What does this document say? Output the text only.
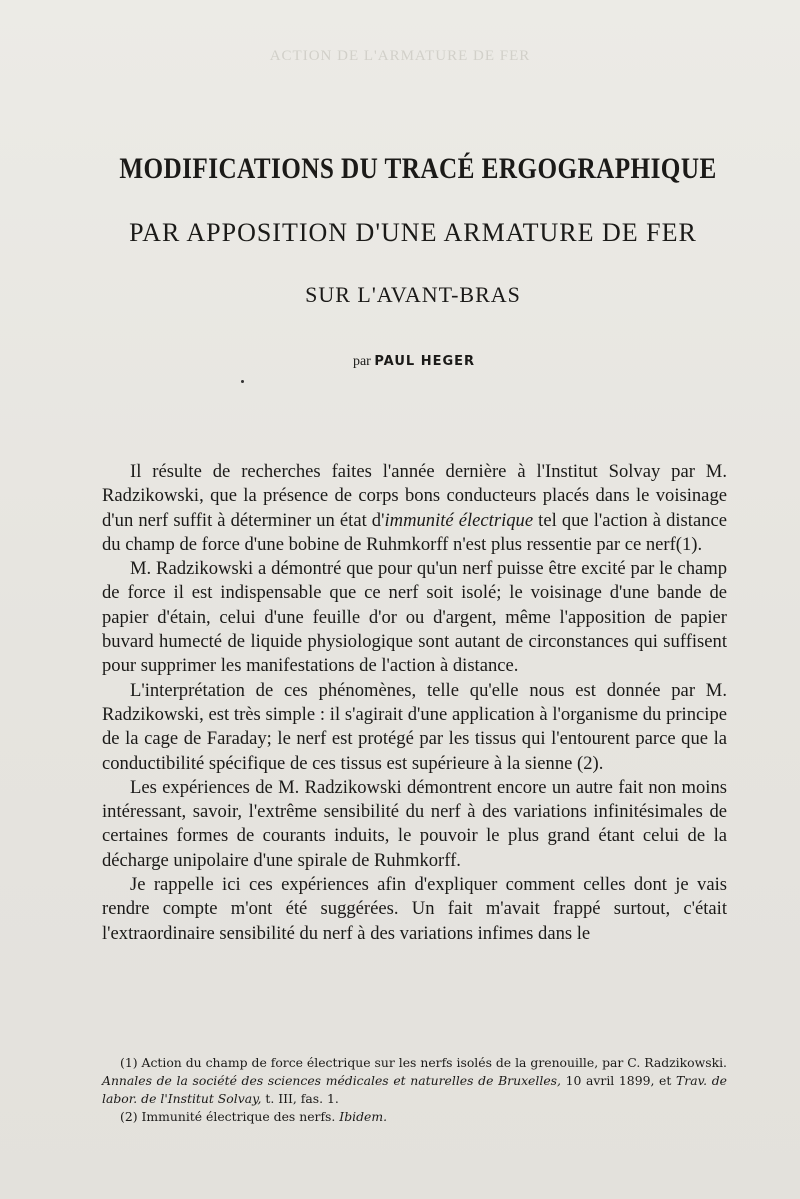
ACTION DE L'ARMATURE DE FER
MODIFICATIONS DU TRACÉ ERGOGRAPHIQUE
PAR APPOSITION D'UNE ARMATURE DE FER
SUR L'AVANT-BRAS
par PAUL HEGER

Il résulte de recherches faites l'année dernière à l'Institut Solvay par M. Radzikowski, que la présence de corps bons conducteurs placés dans le voisinage d'un nerf suffit à déterminer un état d'immunité électrique tel que l'action à distance du champ de force d'une bobine de Ruhmkorff n'est plus ressentie par ce nerf(1).

M. Radzikowski a démontré que pour qu'un nerf puisse être excité par le champ de force il est indispensable que ce nerf soit isolé; le voisinage d'une bande de papier d'étain, celui d'une feuille d'or ou d'argent, même l'apposition de papier buvard humecté de liquide physiologique sont autant de circonstances qui suffisent pour supprimer les manifestations de l'action à distance.

L'interprétation de ces phénomènes, telle qu'elle nous est donnée par M. Radzikowski, est très simple : il s'agirait d'une application à l'organisme du principe de la cage de Faraday; le nerf est protégé par les tissus qui l'entourent parce que la conductibilité spécifique de ces tissus est supérieure à la sienne (2).

Les expériences de M. Radzikowski démontrent encore un autre fait non moins intéressant, savoir, l'extrême sensibilité du nerf à des variations infinitésimales de certaines formes de courants induits, le pouvoir le plus grand étant celui de la décharge unipolaire d'une spirale de Ruhmkorff.

Je rappelle ici ces expériences afin d'expliquer comment celles dont je vais rendre compte m'ont été suggérées. Un fait m'avait frappé surtout, c'était l'extraordinaire sensibilité du nerf à des variations infimes dans le

(1) Action du champ de force électrique sur les nerfs isolés de la grenouille, par C. Radzikowski. Annales de la société des sciences médicales et naturelles de Bruxelles, 10 avril 1899, et Trav. de labor. de l'Institut Solvay, t. III, fas. 1.

(2) Immunité électrique des nerfs. Ibidem.
